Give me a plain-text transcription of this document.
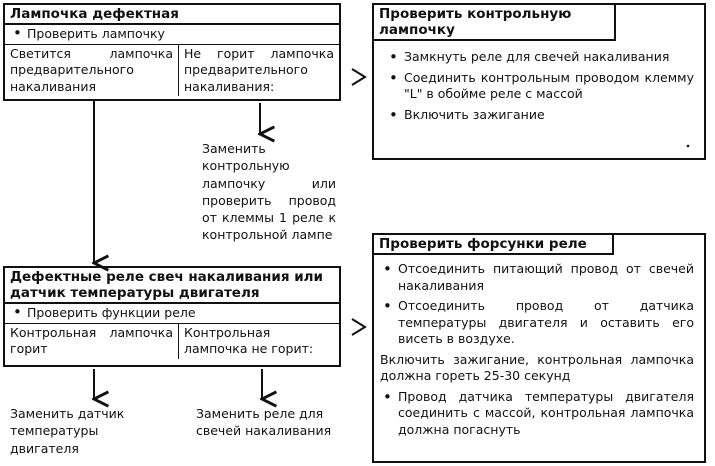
Лампочка дефектная
• Проверить лампочку
Светится лампочка предварительного накаливания
Не горит лампочка предварительного накаливания:
Проверить контрольную лампочку
• Замкнуть реле для свечей накаливания
• Соединить контрольным проводом клемму "L" в обойме реле с массой
• Включить зажигание
Заменить контрольную лампочку или проверить провод от клеммы 1 реле к контрольной лампе
Дефектные реле свеч накаливания или датчик температуры двигателя
• Проверить функции реле
Контрольная лампочка горит
Контрольная лампочка не горит:
Проверить форсунки реле
• Отсоединить питающий провод от свечей накаливания
• Отсоединить провод от датчика температуры двигателя и оставить его висеть в воздухе.
Включить зажигание, контрольная лампочка должна гореть 25-30 секунд
• Провод датчика температуры двигателя соединить с массой, контрольная лампочка должна погаснуть
Заменить датчик температуры двигателя
Заменить реле для свечей накаливания
